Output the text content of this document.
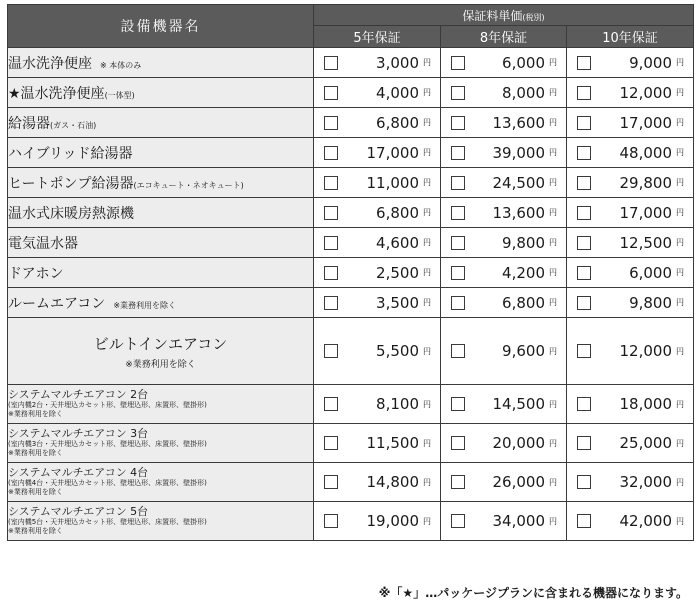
設備機器名	保証料単価(税別)		
	5年保証	8年保証	10年保証
温水洗浄便座 ※ 本体のみ	3,000 円	6,000 円	9,000 円

★温水洗浄便座(一体型)	4,000 円	8,000 円	12,000 円

給湯器(ガス・石油)	6,800 円	13,600 円	17,000 円

ハイブリッド給湯器	17,000 円	39,000 円	48,000 円

ヒートポンプ給湯器(エコキュート・ネオキュート)	11,000 円	24,500 円	29,800 円

温水式床暖房熱源機	6,800 円	13,600 円	17,000 円

電気温水器	4,600 円	9,800 円	12,500 円

ドアホン	2,500 円	4,200 円	6,000 円

ルームエアコン ※業務利用を除く	3,500 円	6,800 円	9,800 円

ビルトインエアコン
※業務利用を除く	5,500 円	9,600 円	12,000 円

システムマルチエアコン 2台
(室内機2台・天井埋込カセット形、壁埋込形、床置形、壁掛形)
※業務利用を除く	8,100 円	14,500 円	18,000 円

システムマルチエアコン 3台
(室内機3台・天井埋込カセット形、壁埋込形、床置形、壁掛形)
※業務利用を除く	11,500 円	20,000 円	25,000 円

システムマルチエアコン 4台
(室内機4台・天井埋込カセット形、壁埋込形、床置形、壁掛形)
※業務利用を除く	14,800 円	26,000 円	32,000 円

システムマルチエアコン 5台
(室内機5台・天井埋込カセット形、壁埋込形、床置形、壁掛形)
※業務利用を除く	19,000 円	34,000 円	42,000 円
※「★」…パッケージプランに含まれる機器になります。
